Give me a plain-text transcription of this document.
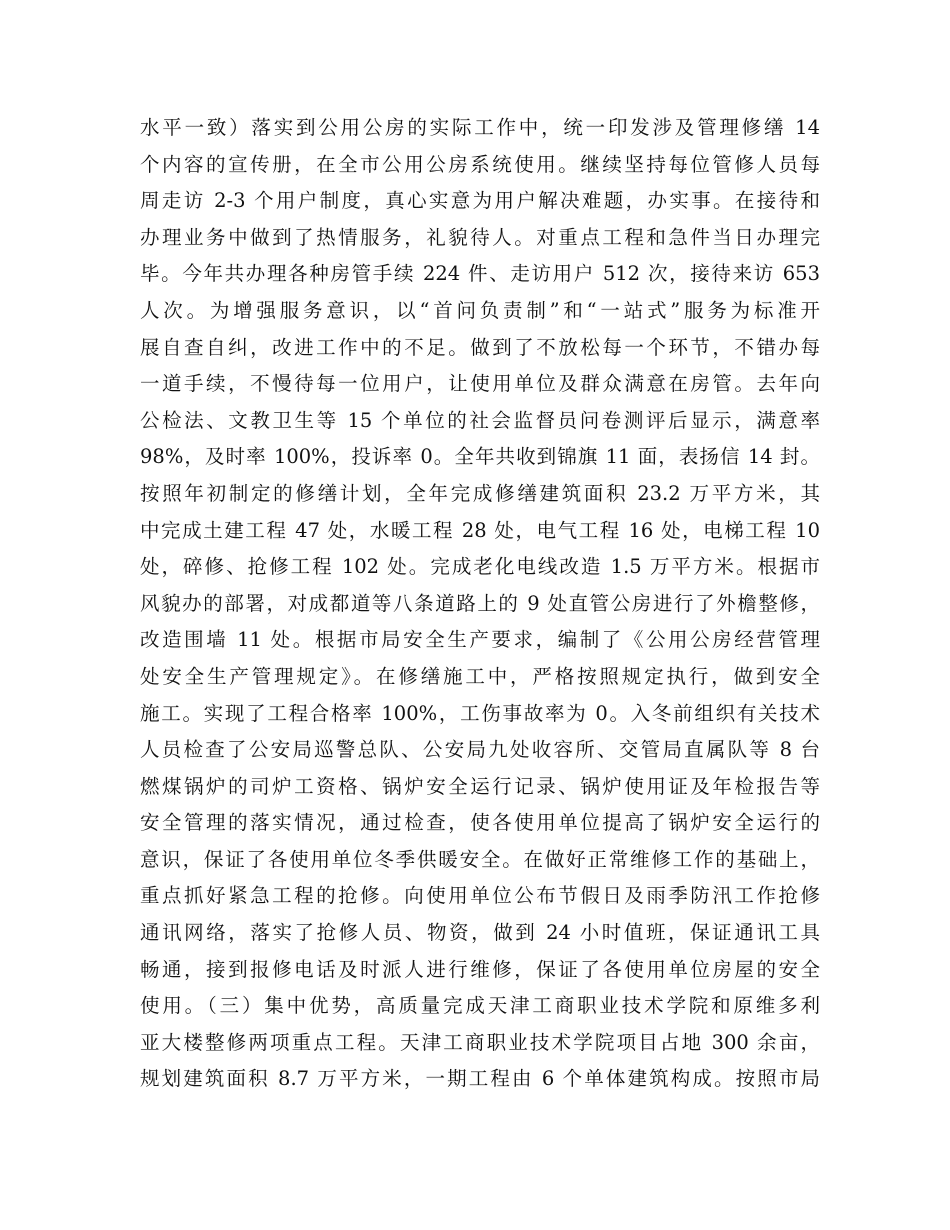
水平一致）落实到公用公房的实际工作中，统一印发涉及管理修缮 14
个内容的宣传册，在全市公用公房系统使用。继续坚持每位管修人员每
周走访 2-3 个用户制度，真心实意为用户解决难题，办实事。在接待和
办理业务中做到了热情服务，礼貌待人。对重点工程和急件当日办理完
毕。今年共办理各种房管手续 224 件、走访用户 512 次，接待来访 653
人次。为增强服务意识，以“首问负责制”和“一站式”服务为标准开
展自查自纠，改进工作中的不足。做到了不放松每一个环节，不错办每
一道手续，不慢待每一位用户，让使用单位及群众满意在房管。去年向
公检法、文教卫生等 15 个单位的社会监督员问卷测评后显示，满意率
98%，及时率 100%，投诉率 0。全年共收到锦旗 11 面，表扬信 14 封。
按照年初制定的修缮计划，全年完成修缮建筑面积 23.2 万平方米，其
中完成土建工程 47 处，水暖工程 28 处，电气工程 16 处，电梯工程 10
处，碎修、抢修工程 102 处。完成老化电线改造 1.5 万平方米。根据市
风貌办的部署，对成都道等八条道路上的 9 处直管公房进行了外檐整修，
改造围墙 11 处。根据市局安全生产要求，编制了《公用公房经营管理
处安全生产管理规定》。在修缮施工中，严格按照规定执行，做到安全
施工。实现了工程合格率 100%，工伤事故率为 0。入冬前组织有关技术
人员检查了公安局巡警总队、公安局九处收容所、交管局直属队等 8 台
燃煤锅炉的司炉工资格、锅炉安全运行记录、锅炉使用证及年检报告等
安全管理的落实情况，通过检查，使各使用单位提高了锅炉安全运行的
意识，保证了各使用单位冬季供暖安全。在做好正常维修工作的基础上，
重点抓好紧急工程的抢修。向使用单位公布节假日及雨季防汛工作抢修
通讯网络，落实了抢修人员、物资，做到 24 小时值班，保证通讯工具
畅通，接到报修电话及时派人进行维修，保证了各使用单位房屋的安全
使用。（三）集中优势，高质量完成天津工商职业技术学院和原维多利
亚大楼整修两项重点工程。天津工商职业技术学院项目占地 300 余亩，
规划建筑面积 8.7 万平方米，一期工程由 6 个单体建筑构成。按照市局
